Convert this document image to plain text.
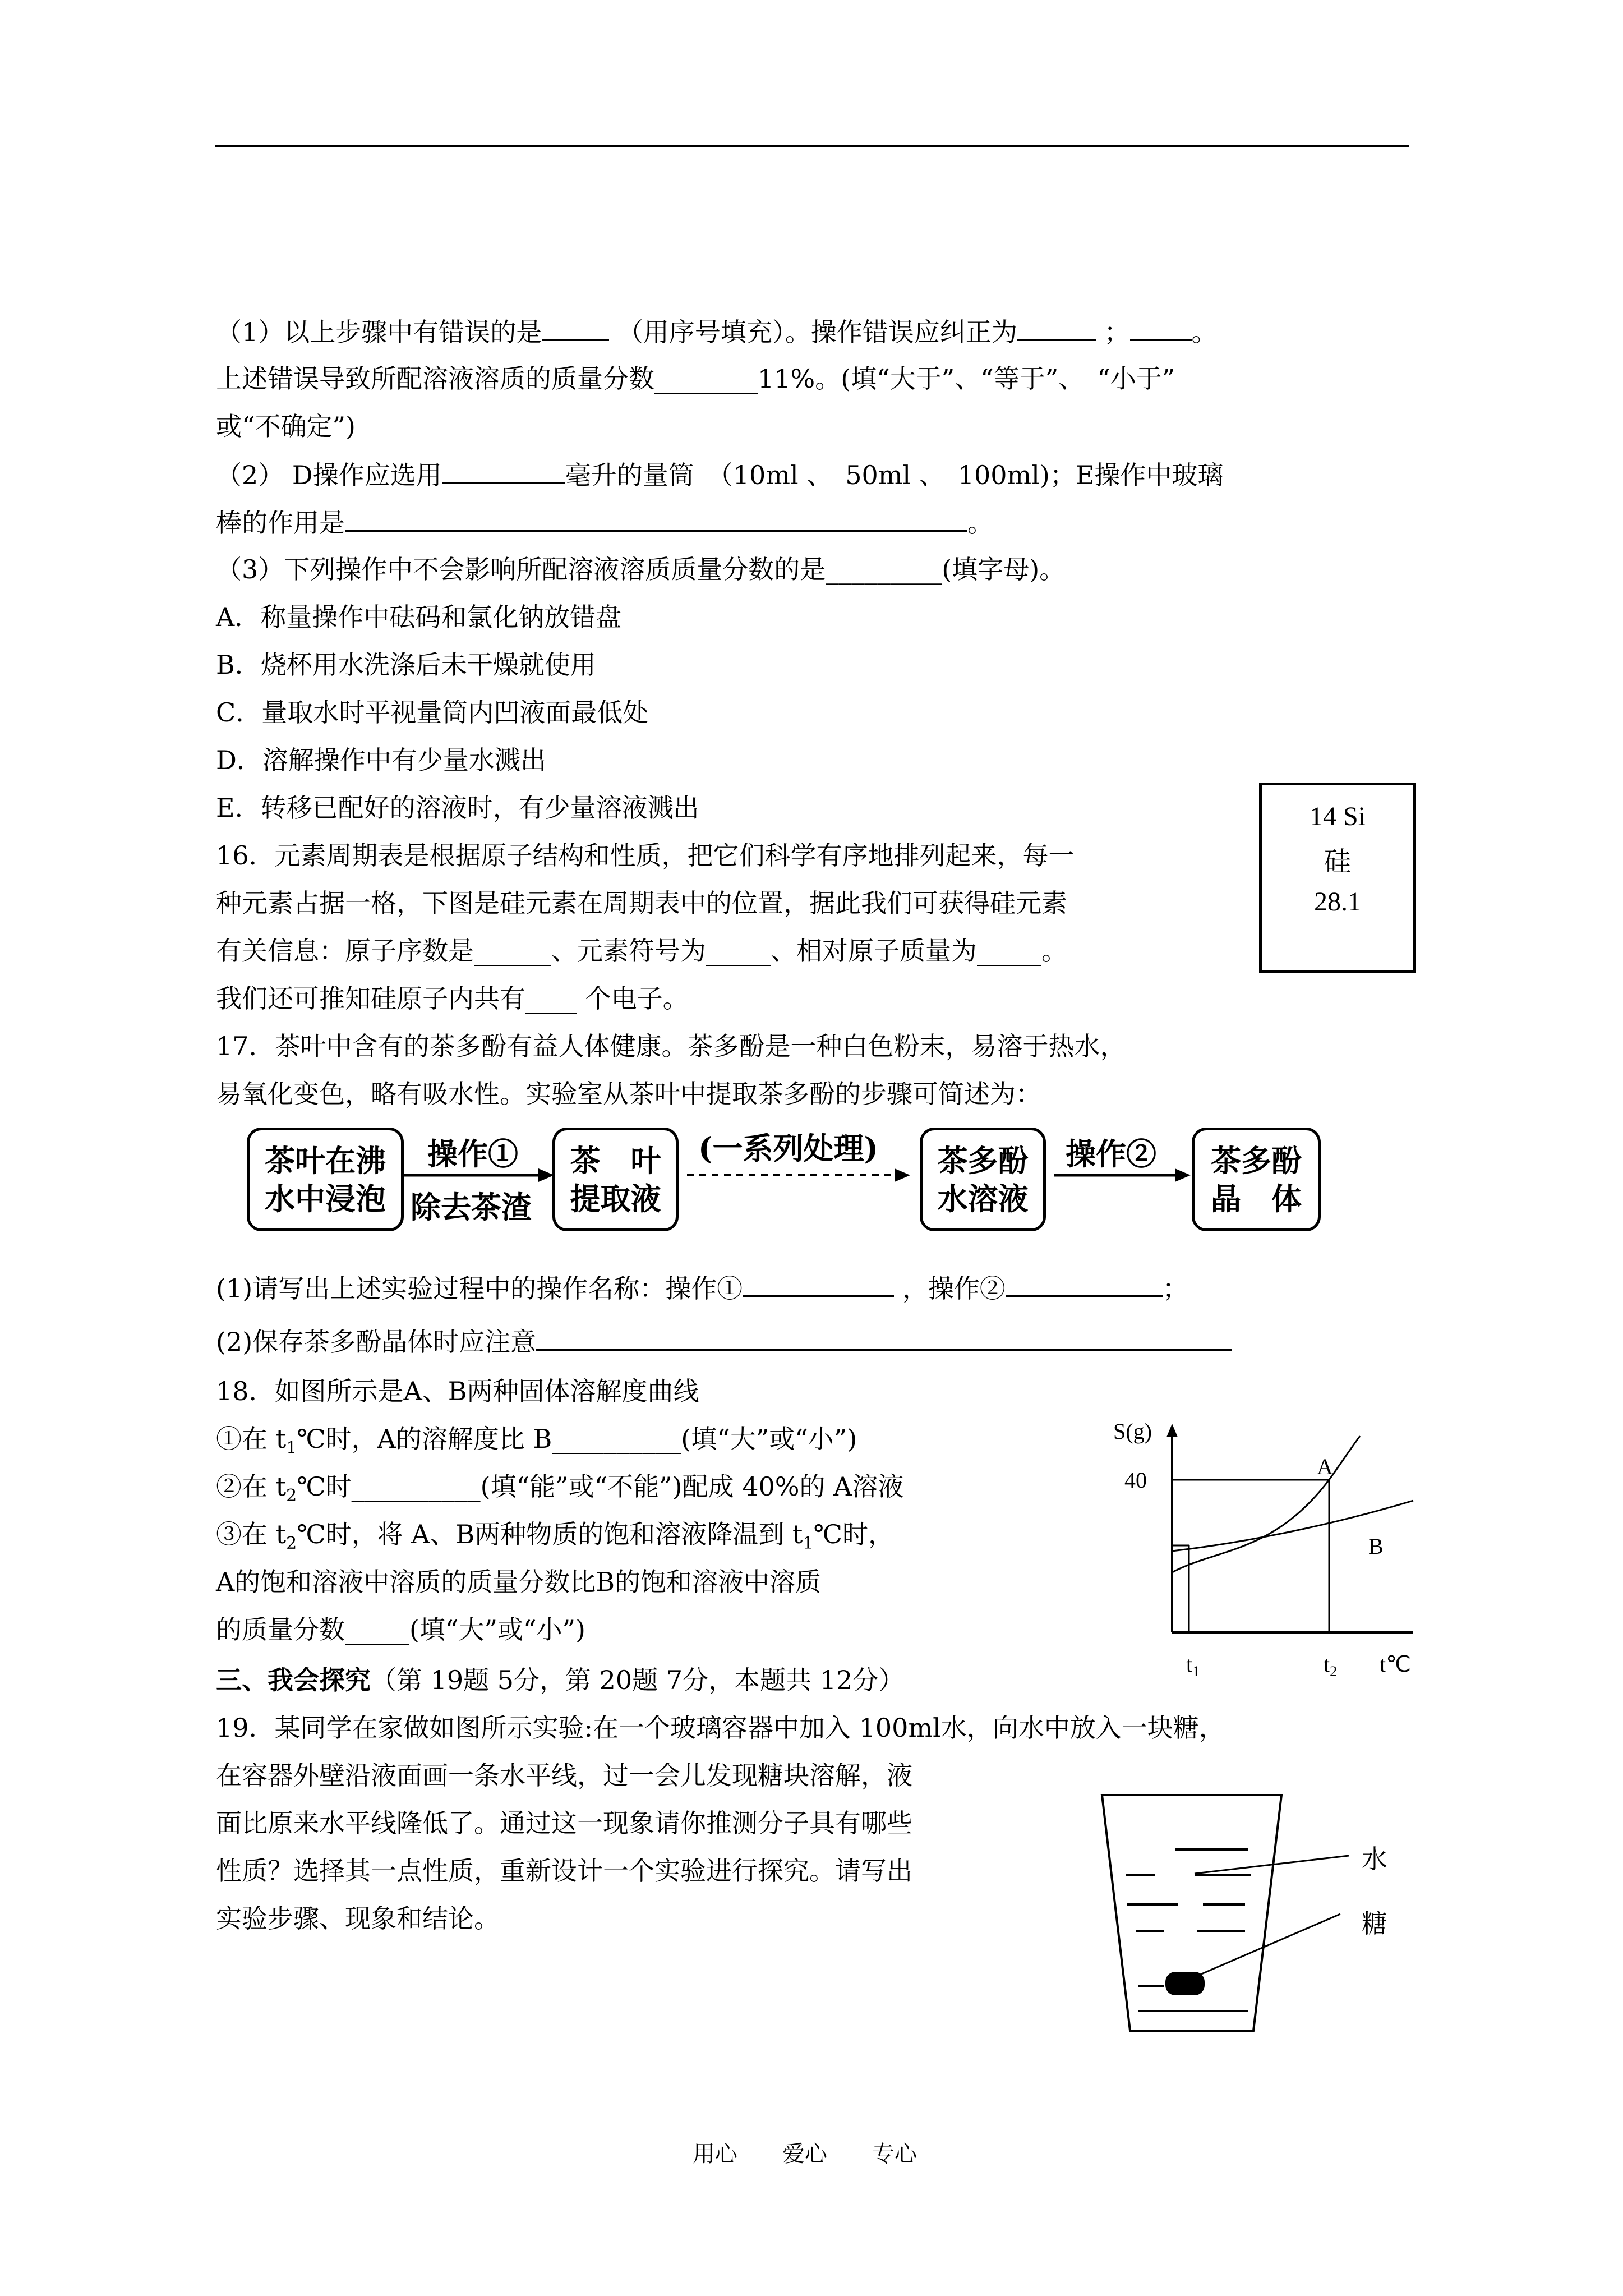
（1）以上步骤中有错误的是	（用序号填充）。操作错误应纠正为	； 。
上述错误导致所配溶液溶质的质量分数________11%。(填“大于”、“等于”、　“小于”
或“不确定”)
（2） D操作应选用	毫升的量筒　（10ml 、　50ml 、　100ml)；E操作中玻璃
棒的作用是	。
（3）下列操作中不会影响所配溶液溶质质量分数的是_________(填字母)。
A．称量操作中砝码和氯化钠放错盘
B．烧杯用水洗涤后未干燥就使用
C．量取水时平视量筒内凹液面最低处
D．溶解操作中有少量水溅出
E．转移已配好的溶液时，有少量溶液溅出
16．元素周期表是根据原子结构和性质，把它们科学有序地排列起来，每一
种元素占据一格，下图是硅元素在周期表中的位置，据此我们可获得硅元素
有关信息：原子序数是______、元素符号为_____、相对原子质量为_____。
我们还可推知硅原子内共有____ 个电子。
14 Si
硅
28.1
17．茶叶中含有的茶多酚有益人体健康。茶多酚是一种白色粉末，易溶于热水，
易氧化变色，略有吸水性。实验室从茶叶中提取茶多酚的步骤可简述为：
茶叶在沸
水中浸泡
操作①
除去茶渣
茶　叶
提取液
(一系列处理) 茶多酚
水溶液
操作② 茶多酚
晶　体
(1)请写出上述实验过程中的操作名称：操作①	，操作②	；
(2)保存茶多酚晶体时应注意
18．如图所示是A、B两种固体溶解度曲线
①在 $t_1℃$时，A的溶解度比 B__________(填“大”或“小”)
②在 $t_2℃$时__________(填“能”或“不能”)配成 40%的 A溶液
③在 $t_2℃$时，将 A、B两种物质的饱和溶液降温到 $t_1℃$时，
A的饱和溶液中溶质的质量分数比B的饱和溶液中溶质
的质量分数_____(填“大”或“小”)
S(g)
40
A
B
$t_1$	$t_2$ t℃
三、我会探究（第 19题 5分，第 20题 7分，本题共 12分）
19．某同学在家做如图所示实验:在一个玻璃容器中加入 100ml水，向水中放入一块糖，
在容器外壁沿液面画一条水平线，过一会儿发现糖块溶解，液
面比原来水平线隆低了。通过这一现象请你推测分子具有哪些
性质？选择其一点性质，重新设计一个实验进行探究。请写出
实验步骤、现象和结论。
水
糖
用心　　爱心　　专心
